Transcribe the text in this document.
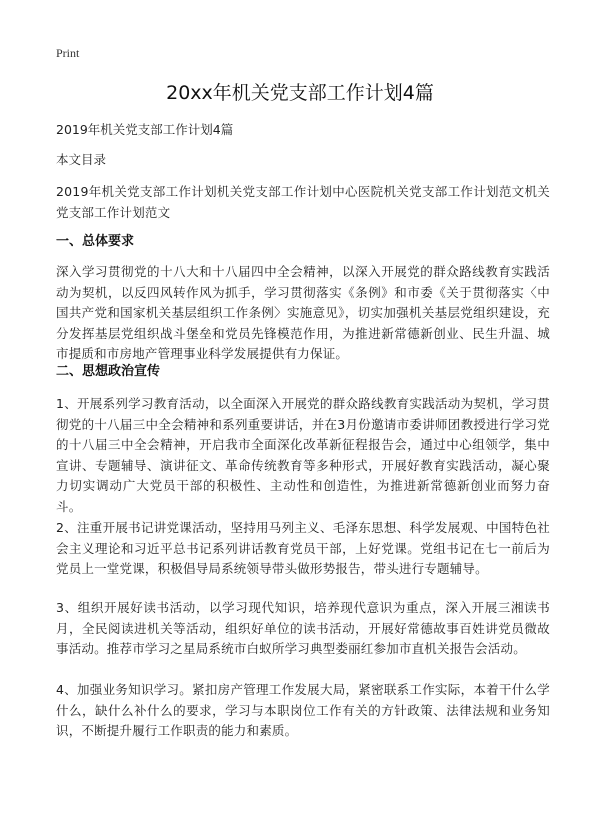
Print
20xx年机关党支部工作计划4篇
2019年机关党支部工作计划4篇
本文目录
2019年机关党支部工作计划机关党支部工作计划中心医院机关党支部工作计划范文机关党支部工作计划范文
一、总体要求
深入学习贯彻党的十八大和十八届四中全会精神，以深入开展党的群众路线教育实践活动为契机，以反四风转作风为抓手，学习贯彻落实《条例》和市委《关于贯彻落实〈中国共产党和国家机关基层组织工作条例〉实施意见》，切实加强机关基层党组织建设，充分发挥基层党组织战斗堡垒和党员先锋模范作用，为推进新常德新创业、民生升温、城市提质和市房地产管理事业科学发展提供有力保证。
二、思想政治宣传
1、开展系列学习教育活动，以全面深入开展党的群众路线教育实践活动为契机，学习贯彻党的十八届三中全会精神和系列重要讲话，并在3月份邀请市委讲师团教授进行学习党的十八届三中全会精神，开启我市全面深化改革新征程报告会，通过中心组领学，集中宣讲、专题辅导、演讲征文、革命传统教育等多种形式，开展好教育实践活动，凝心聚力切实调动广大党员干部的积极性、主动性和创造性，为推进新常德新创业而努力奋斗。
2、注重开展书记讲党课活动，坚持用马列主义、毛泽东思想、科学发展观、中国特色社会主义理论和习近平总书记系列讲话教育党员干部，上好党课。党组书记在七一前后为党员上一堂党课，积极倡导局系统领导带头做形势报告，带头进行专题辅导。
3、组织开展好读书活动，以学习现代知识，培养现代意识为重点，深入开展三湘读书月，全民阅读进机关等活动，组织好单位的读书活动，开展好常德故事百姓讲党员微故事活动。推荐市学习之星局系统市白蚁所学习典型娄丽红参加市直机关报告会活动。
4、加强业务知识学习。紧扣房产管理工作发展大局，紧密联系工作实际，本着干什么学什么，缺什么补什么的要求，学习与本职岗位工作有关的方针政策、法律法规和业务知识，不断提升履行工作职责的能力和素质。
